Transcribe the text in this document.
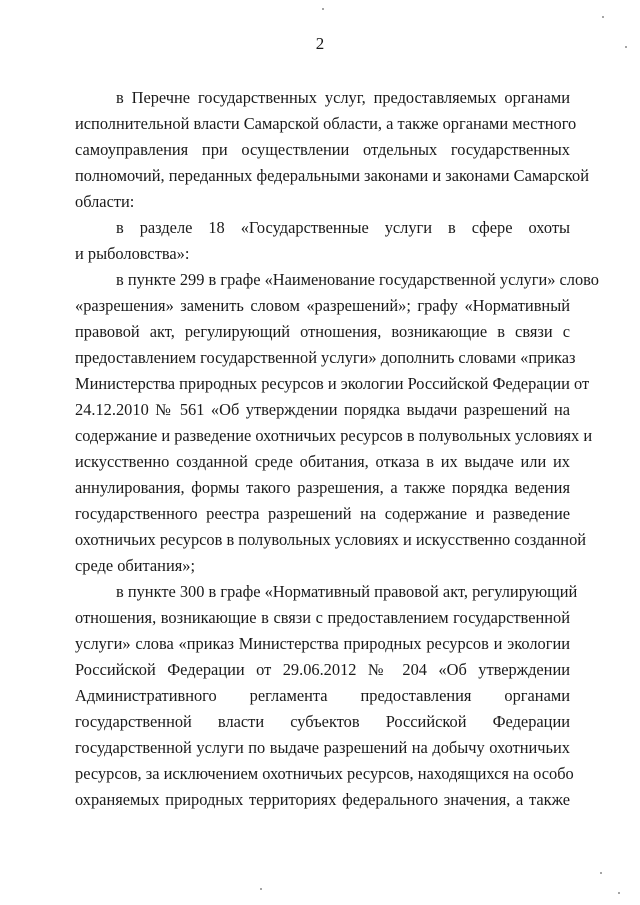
2
в Перечне государственных услуг, предоставляемых органами
исполнительной власти Самарской области, а также органами местного
самоуправления при осуществлении отдельных государственных
полномочий, переданных федеральными законами и законами Самарской
области:
в разделе 18 «Государственные услуги в сфере охоты
и рыболовства»:
в пункте 299 в графе «Наименование государственной услуги» слово
«разрешения» заменить словом «разрешений»; графу «Нормативный
правовой акт, регулирующий отношения, возникающие в связи с
предоставлением государственной услуги» дополнить словами «приказ
Министерства природных ресурсов и экологии Российской Федерации от
24.12.2010 № 561 «Об утверждении порядка выдачи разрешений на
содержание и разведение охотничьих ресурсов в полувольных условиях и
искусственно созданной среде обитания, отказа в их выдаче или их
аннулирования, формы такого разрешения, а также порядка ведения
государственного реестра разрешений на содержание и разведение
охотничьих ресурсов в полувольных условиях и искусственно созданной
среде обитания»;
в пункте 300 в графе «Нормативный правовой акт, регулирующий
отношения, возникающие в связи с предоставлением государственной
услуги» слова «приказ Министерства природных ресурсов и экологии
Российской Федерации от 29.06.2012 № 204 «Об утверждении
Административного регламента предоставления органами
государственной власти субъектов Российской Федерации
государственной услуги по выдаче разрешений на добычу охотничьих
ресурсов, за исключением охотничьих ресурсов, находящихся на особо
охраняемых природных территориях федерального значения, а также
